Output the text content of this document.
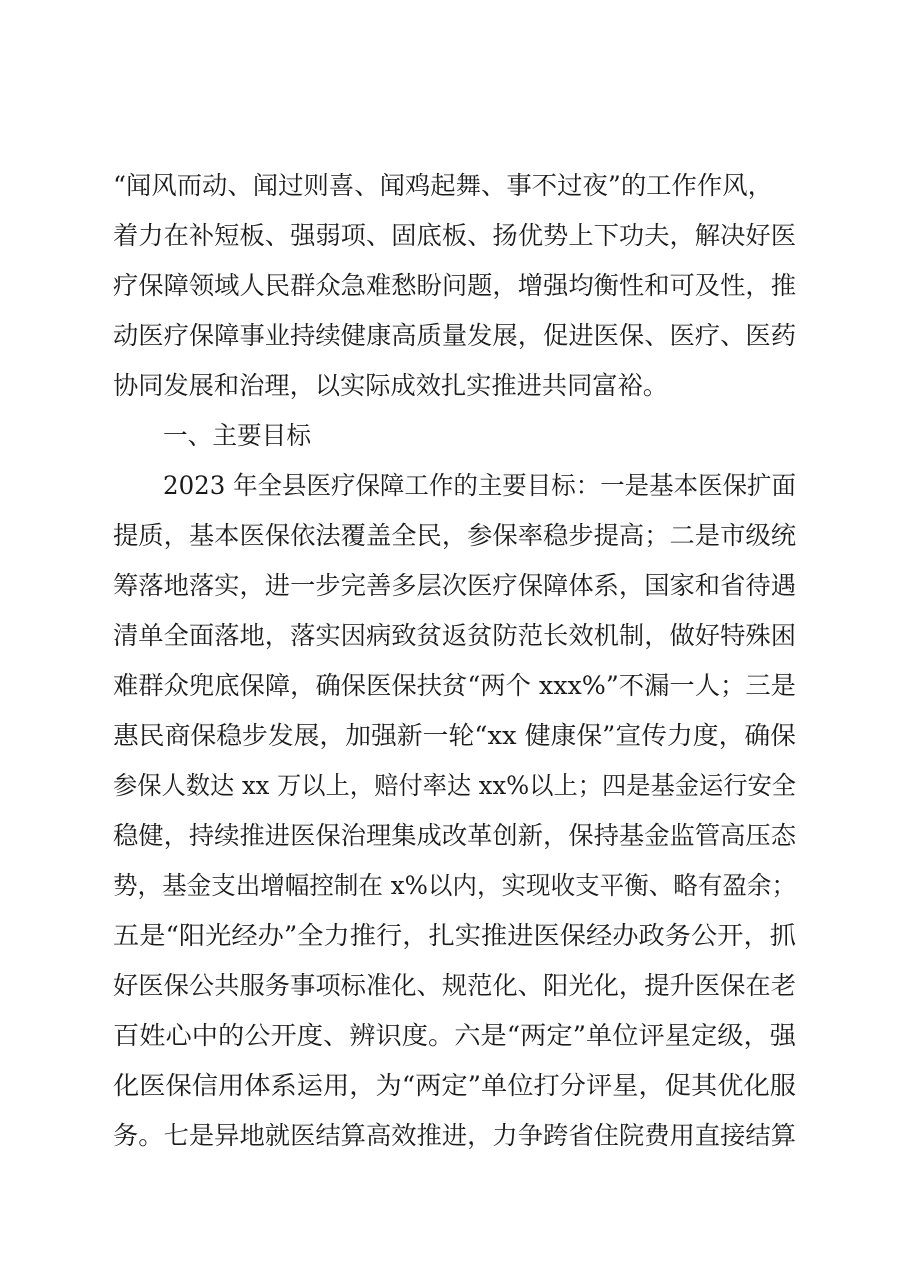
“闻风而动、闻过则喜、闻鸡起舞、事不过夜”的工作作风，
着力在补短板、强弱项、固底板、扬优势上下功夫，解决好医
疗保障领域人民群众急难愁盼问题，增强均衡性和可及性，推
动医疗保障事业持续健康高质量发展，促进医保、医疗、医药
协同发展和治理，以实际成效扎实推进共同富裕。
一、主要目标
2023 年全县医疗保障工作的主要目标：一是基本医保扩面
提质，基本医保依法覆盖全民，参保率稳步提高；二是市级统
筹落地落实，进一步完善多层次医疗保障体系，国家和省待遇
清单全面落地，落实因病致贫返贫防范长效机制，做好特殊困
难群众兜底保障，确保医保扶贫“两个 xxx%”不漏一人；三是
惠民商保稳步发展，加强新一轮“xx 健康保”宣传力度，确保
参保人数达 xx 万以上，赔付率达 xx%以上；四是基金运行安全
稳健，持续推进医保治理集成改革创新，保持基金监管高压态
势，基金支出增幅控制在 x%以内，实现收支平衡、略有盈余；
五是“阳光经办”全力推行，扎实推进医保经办政务公开，抓
好医保公共服务事项标准化、规范化、阳光化，提升医保在老
百姓心中的公开度、辨识度。六是“两定”单位评星定级，强
化医保信用体系运用，为“两定”单位打分评星，促其优化服
务。七是异地就医结算高效推进，力争跨省住院费用直接结算
